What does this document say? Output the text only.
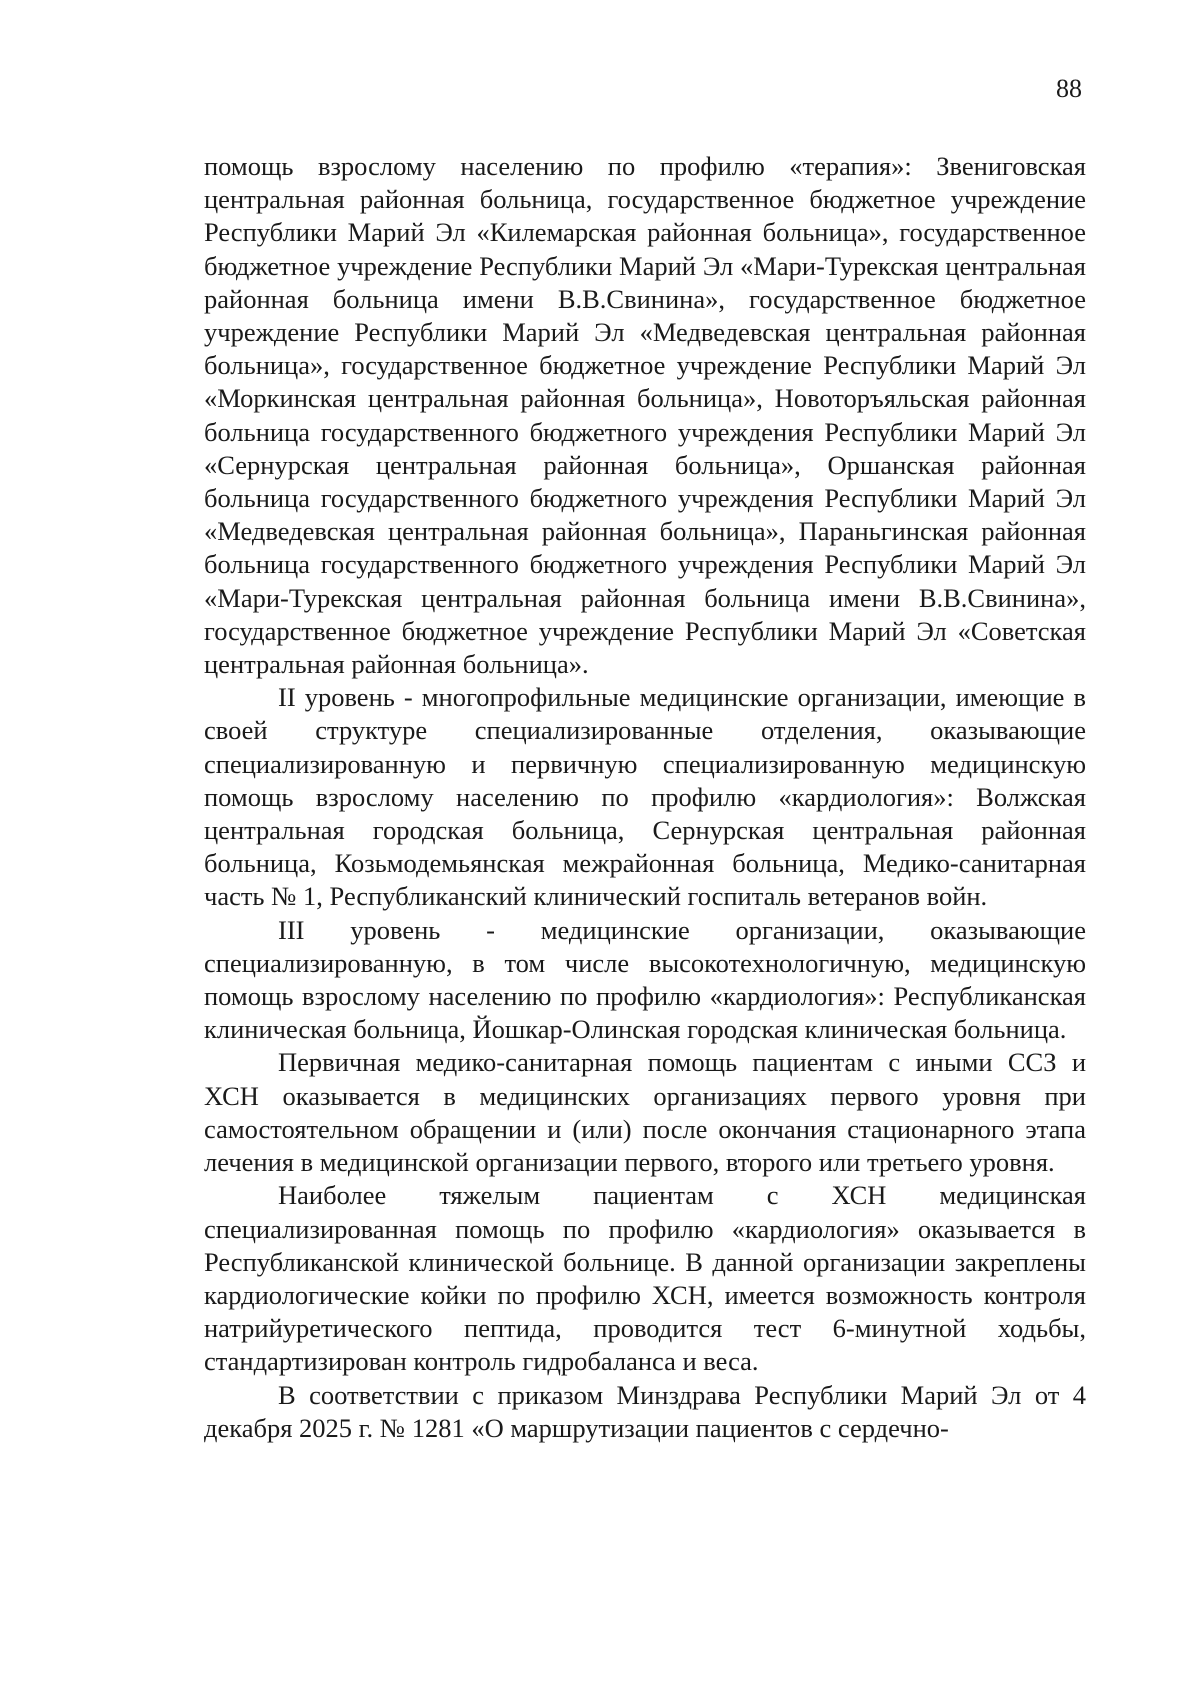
88

помощь взрослому населению по профилю «терапия»: Звениговская центральная районная больница, государственное бюджетное учреждение Республики Марий Эл «Килемарская районная больница», государственное бюджетное учреждение Республики Марий Эл «Мари-Турекская центральная районная больница имени В.В.Свинина», государственное бюджетное учреждение Республики Марий Эл «Медведевская центральная районная больница», государственное бюджетное учреждение Республики Марий Эл «Моркинская центральная районная больница», Новоторъяльская районная больница государственного бюджетного учреждения Республики Марий Эл «Сернурская центральная районная больница», Оршанская районная больница государственного бюджетного учреждения Республики Марий Эл «Медведевская центральная районная больница», Параньгинская районная больница государственного бюджетного учреждения Республики Марий Эл «Мари-Турекская центральная районная больница имени В.В.Свинина», государственное бюджетное учреждение Республики Марий Эл «Советская центральная районная больница».

II уровень - многопрофильные медицинские организации, имеющие в своей структуре специализированные отделения, оказывающие специализированную и первичную специализированную медицинскую помощь взрослому населению по профилю «кардиология»: Волжская центральная городская больница, Сернурская центральная районная больница, Козьмодемьянская межрайонная больница, Медико-санитарная часть № 1, Республиканский клинический госпиталь ветеранов войн.

III уровень - медицинские организации, оказывающие специализированную, в том числе высокотехнологичную, медицинскую помощь взрослому населению по профилю «кардиология»: Республиканская клиническая больница, Йошкар-Олинская городская клиническая больница.

Первичная медико-санитарная помощь пациентам с иными ССЗ и ХСН оказывается в медицинских организациях первого уровня при самостоятельном обращении и (или) после окончания стационарного этапа лечения в медицинской организации первого, второго или третьего уровня.

Наиболее тяжелым пациентам с ХСН медицинская специализированная помощь по профилю «кардиология» оказывается в Республиканской клинической больнице. В данной организации закреплены кардиологические койки по профилю ХСН, имеется возможность контроля натрийуретического пептида, проводится тест 6-минутной ходьбы, стандартизирован контроль гидробаланса и веса.

В соответствии с приказом Минздрава Республики Марий Эл от 4 декабря 2025 г. № 1281 «О маршрутизации пациентов с сердечно-
